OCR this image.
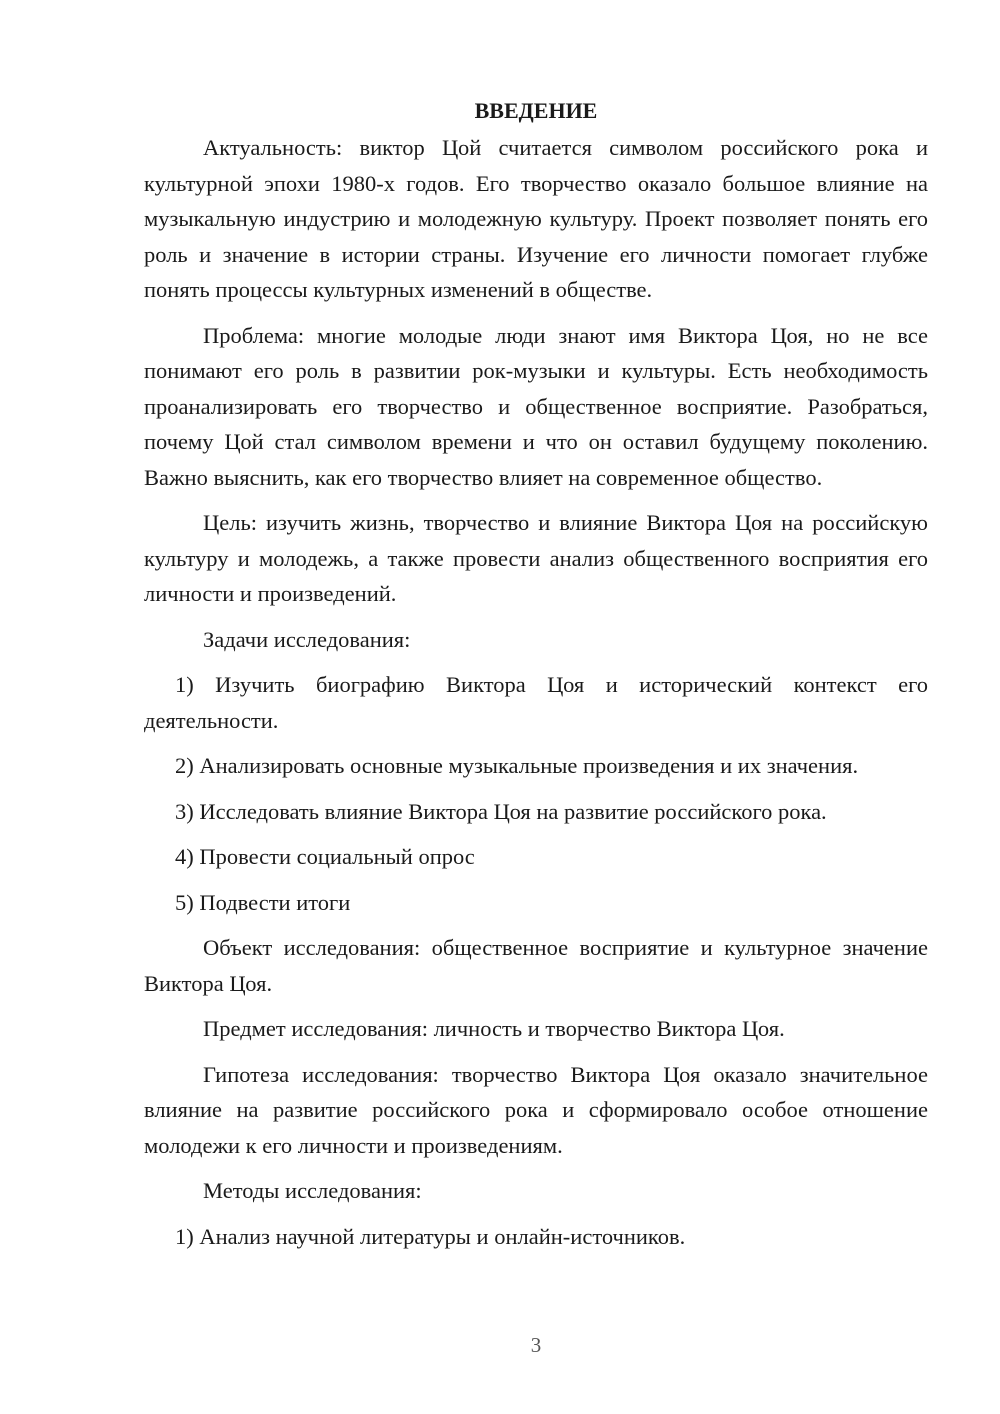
ВВЕДЕНИЕ

Актуальность: виктор Цой считается символом российского рока и культурной эпохи 1980-х годов. Его творчество оказало большое влияние на музыкальную индустрию и молодежную культуру. Проект позволяет понять его роль и значение в истории страны. Изучение его личности помогает глубже понять процессы культурных изменений в обществе.

Проблема: многие молодые люди знают имя Виктора Цоя, но не все понимают его роль в развитии рок-музыки и культуры. Есть необходимость проанализировать его творчество и общественное восприятие. Разобраться, почему Цой стал символом времени и что он оставил будущему поколению. Важно выяснить, как его творчество влияет на современное общество.

Цель: изучить жизнь, творчество и влияние Виктора Цоя на российскую культуру и молодежь, а также провести анализ общественного восприятия его личности и произведений.

Задачи исследования:

1) Изучить биографию Виктора Цоя и исторический контекст его деятельности.

2) Анализировать основные музыкальные произведения и их значения.

3) Исследовать влияние Виктора Цоя на развитие российского рока.

4) Провести социальный опрос

5) Подвести итоги

Объект исследования: общественное восприятие и культурное значение Виктора Цоя.

Предмет исследования: личность и творчество Виктора Цоя.

Гипотеза исследования: творчество Виктора Цоя оказало значительное влияние на развитие российского рока и сформировало особое отношение молодежи к его личности и произведениям.

Методы исследования:

1) Анализ научной литературы и онлайн-источников.

3
